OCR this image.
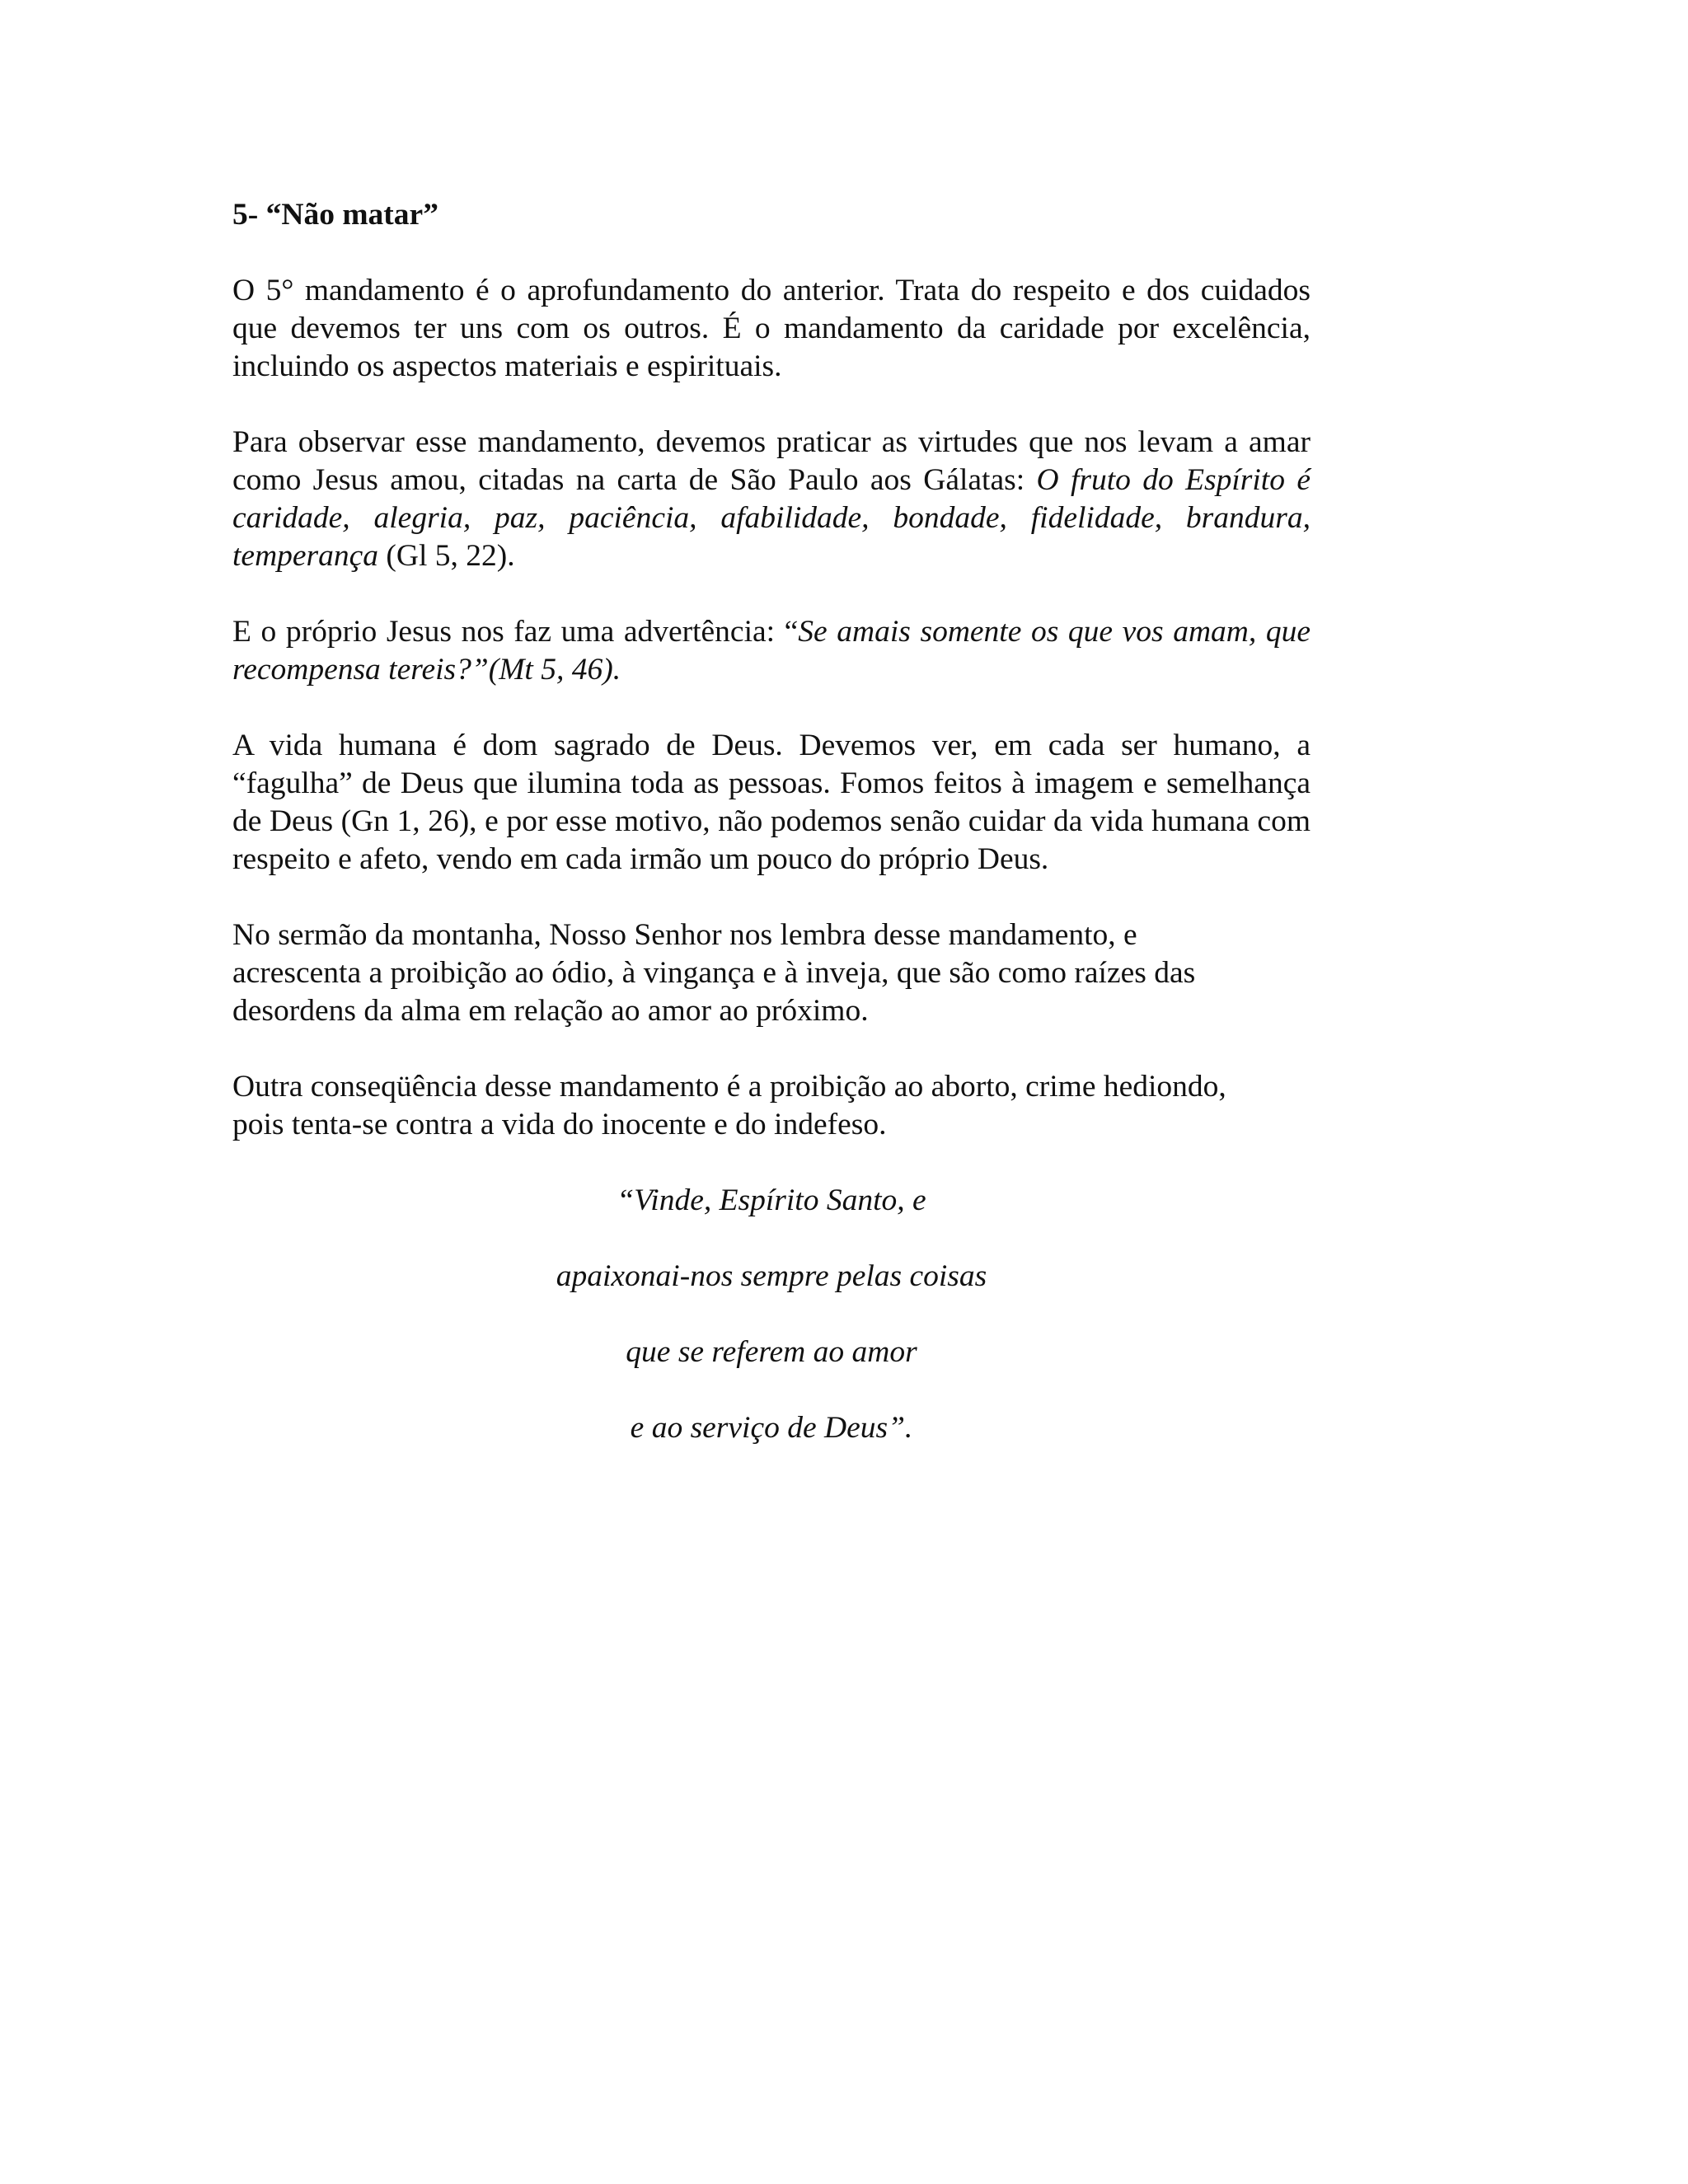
5- “Não matar”

O 5° mandamento é o aprofundamento do anterior. Trata do respeito e dos cuidados que devemos ter uns com os outros. É o mandamento da caridade por excelência, incluindo os aspectos materiais e espirituais.

Para observar esse mandamento, devemos praticar as virtudes que nos levam a amar como Jesus amou, citadas na carta de São Paulo aos Gálatas: O fruto do Espírito é caridade, alegria, paz, paciência, afabilidade, bondade, fidelidade, brandura, temperança (Gl 5, 22).

E o próprio Jesus nos faz uma advertência: “Se amais somente os que vos amam, que recompensa tereis?”(Mt 5, 46).

A vida humana é dom sagrado de Deus. Devemos ver, em cada ser humano, a “fagulha” de Deus que ilumina toda as pessoas. Fomos feitos à imagem e semelhança de Deus (Gn 1, 26), e por esse motivo, não podemos senão cuidar da vida humana com respeito e afeto, vendo em cada irmão um pouco do próprio Deus.

No sermão da montanha, Nosso Senhor nos lembra desse mandamento, e
acrescenta a proibição ao ódio, à vingança e à inveja, que são como raízes das
desordens da alma em relação ao amor ao próximo.

Outra conseqüência desse mandamento é a proibição ao aborto, crime hediondo,
pois tenta-se contra a vida do inocente e do indefeso.

“Vinde, Espírito Santo, e
apaixonai-nos sempre pelas coisas
que se referem ao amor
e ao serviço de Deus”.
